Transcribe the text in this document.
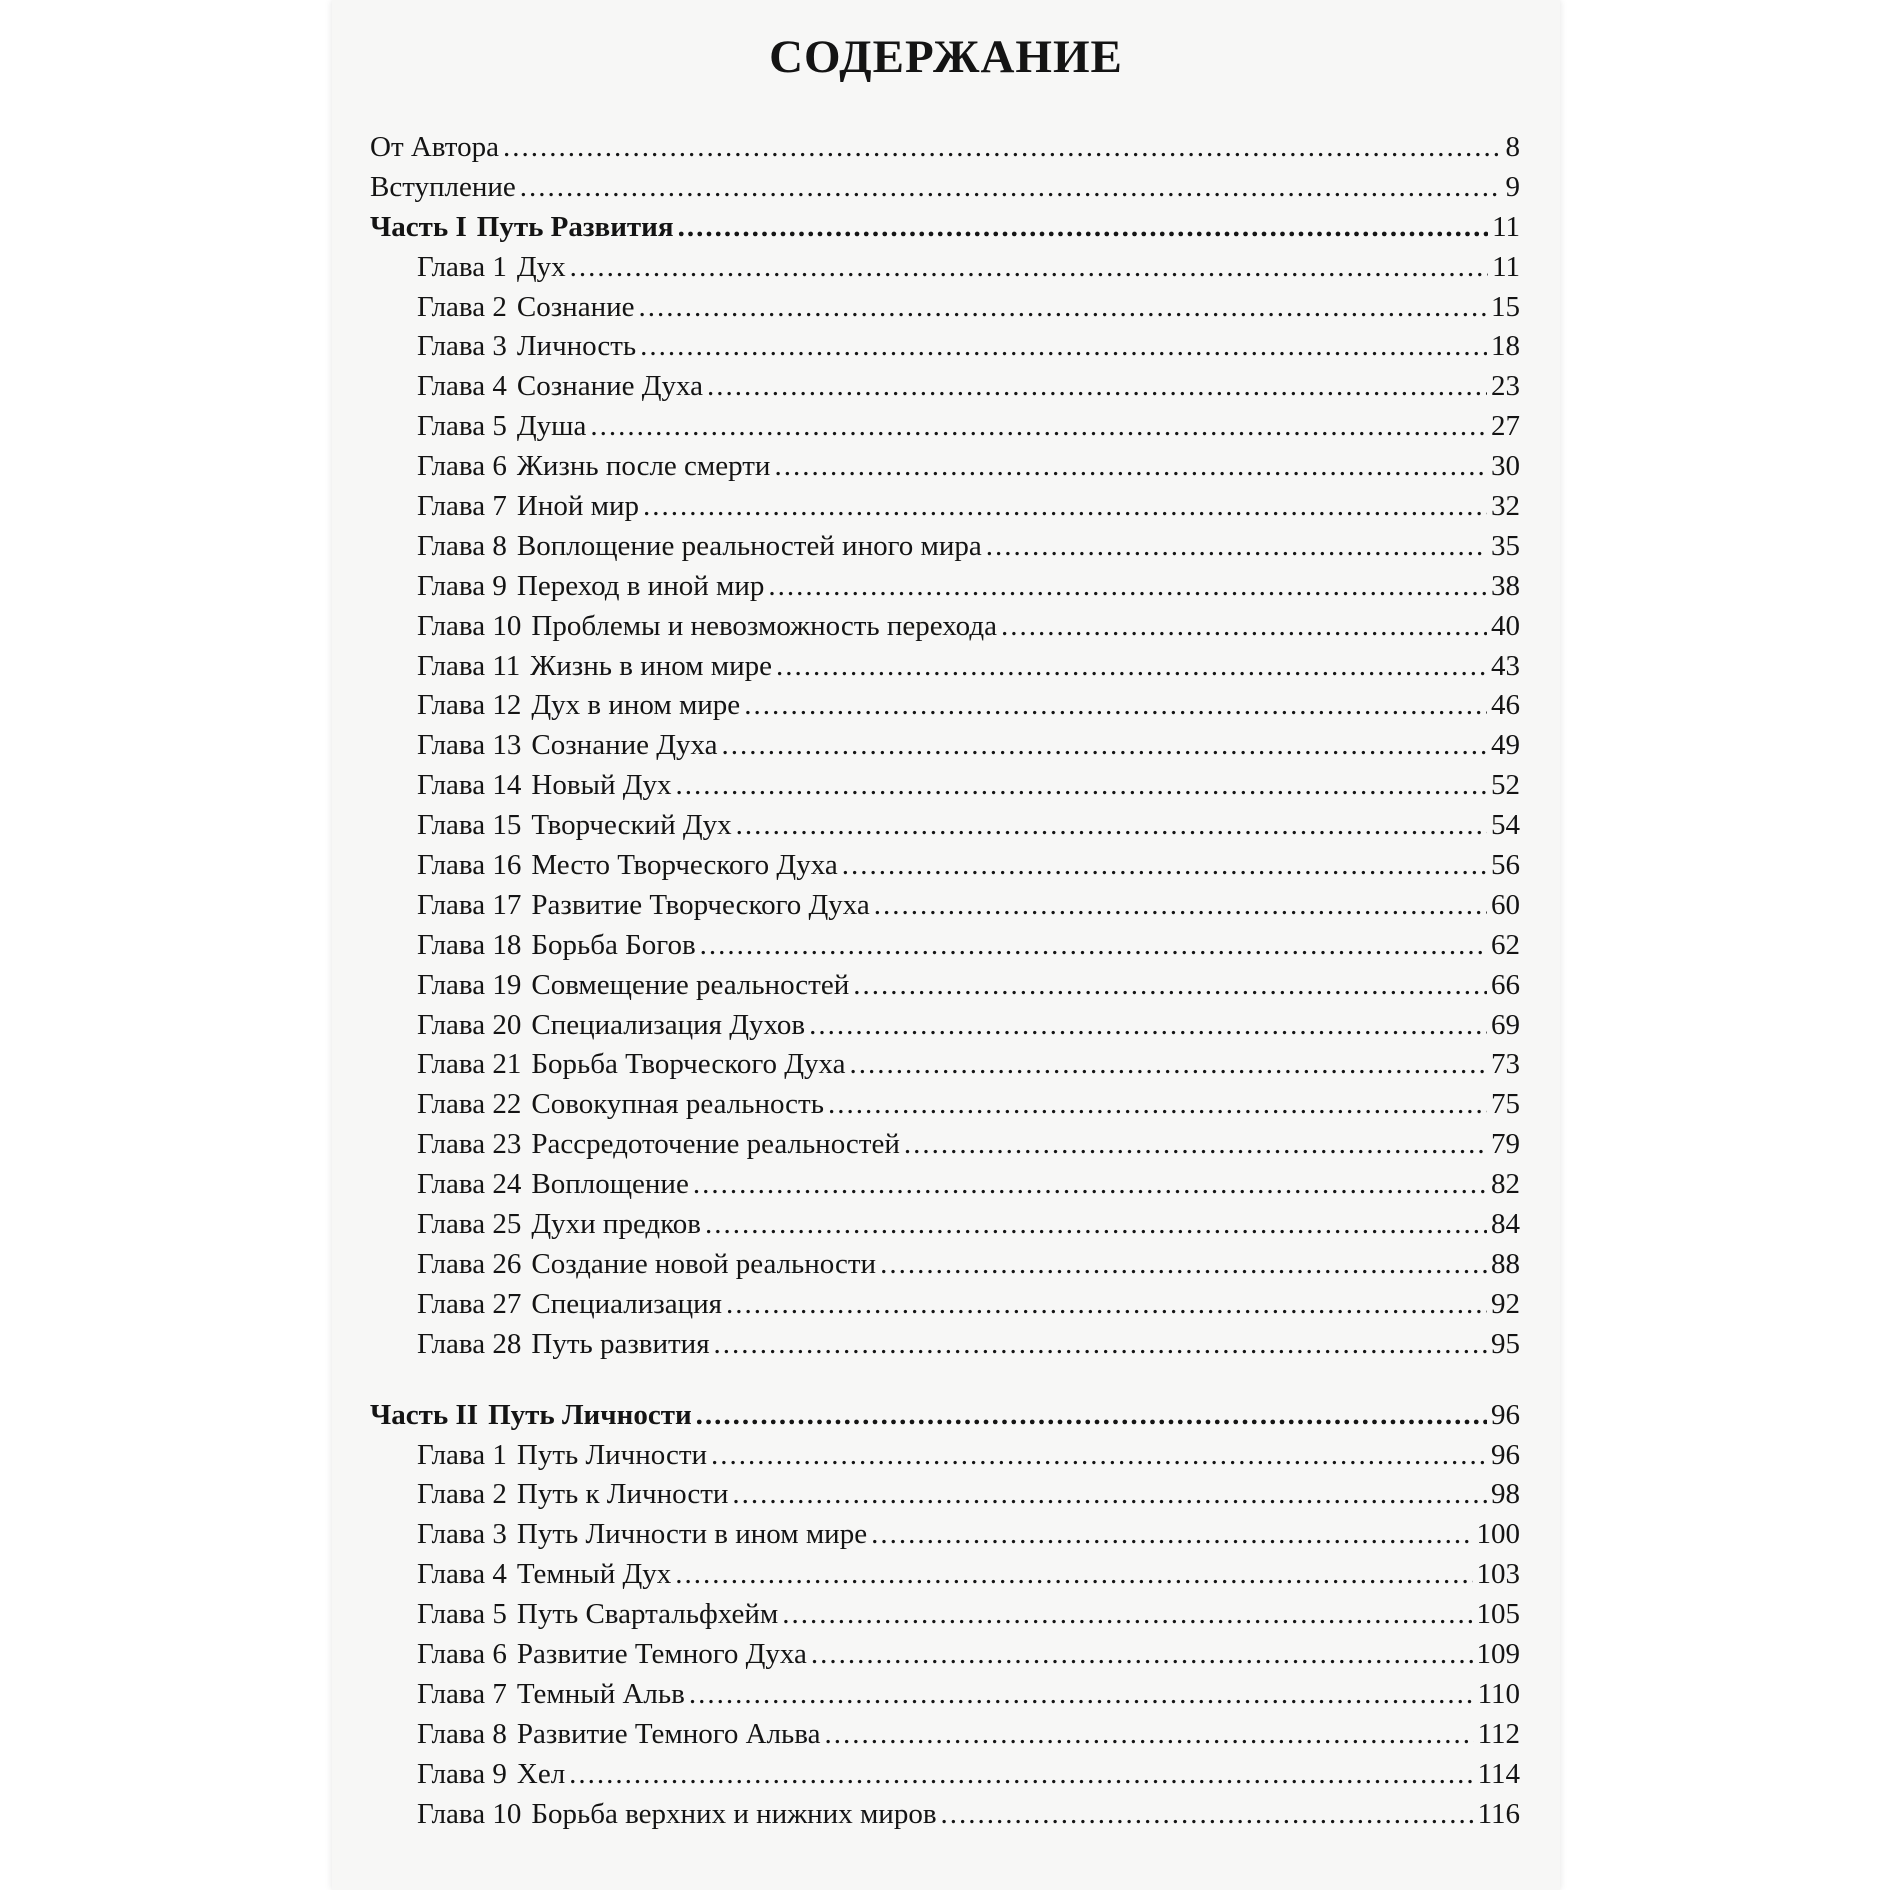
СОДЕРЖАНИЕ
От Автора .....	8
Вступление .....	9
Часть I Путь Развития .....	11
Глава 1 Дух .....	11
Глава 2 Сознание .....	15
Глава 3 Личность .....	18
Глава 4 Сознание Духа .....	23
Глава 5 Душа .....	27
Глава 6 Жизнь после смерти .....	30
Глава 7 Иной мир .....	32
Глава 8 Воплощение реальностей иного мира .....	35
Глава 9 Переход в иной мир .....	38
Глава 10 Проблемы и невозможность перехода .....	40
Глава 11 Жизнь в ином мире .....	43
Глава 12 Дух в ином мире .....	46
Глава 13 Сознание Духа .....	49
Глава 14 Новый Дух .....	52
Глава 15 Творческий Дух .....	54
Глава 16 Место Творческого Духа .....	56
Глава 17 Развитие Творческого Духа .....	60
Глава 18 Борьба Богов .....	62
Глава 19 Совмещение реальностей .....	66
Глава 20 Специализация Духов .....	69
Глава 21 Борьба Творческого Духа .....	73
Глава 22 Совокупная реальность .....	75
Глава 23 Рассредоточение реальностей .....	79
Глава 24 Воплощение .....	82
Глава 25 Духи предков .....	84
Глава 26 Создание новой реальности .....	88
Глава 27 Специализация .....	92
Глава 28 Путь развития .....	95
Часть II Путь Личности .....	96
Глава 1 Путь Личности .....	96
Глава 2 Путь к Личности .....	98
Глава 3 Путь Личности в ином мире .....	100
Глава 4 Темный Дух .....	103
Глава 5 Путь Свартальфхейм .....	105
Глава 6 Развитие Темного Духа .....	109
Глава 7 Темный Альв .....	110
Глава 8 Развитие Темного Альва .....	112
Глава 9 Хел .....	114
Глава 10 Борьба верхних и нижних миров .....	116
